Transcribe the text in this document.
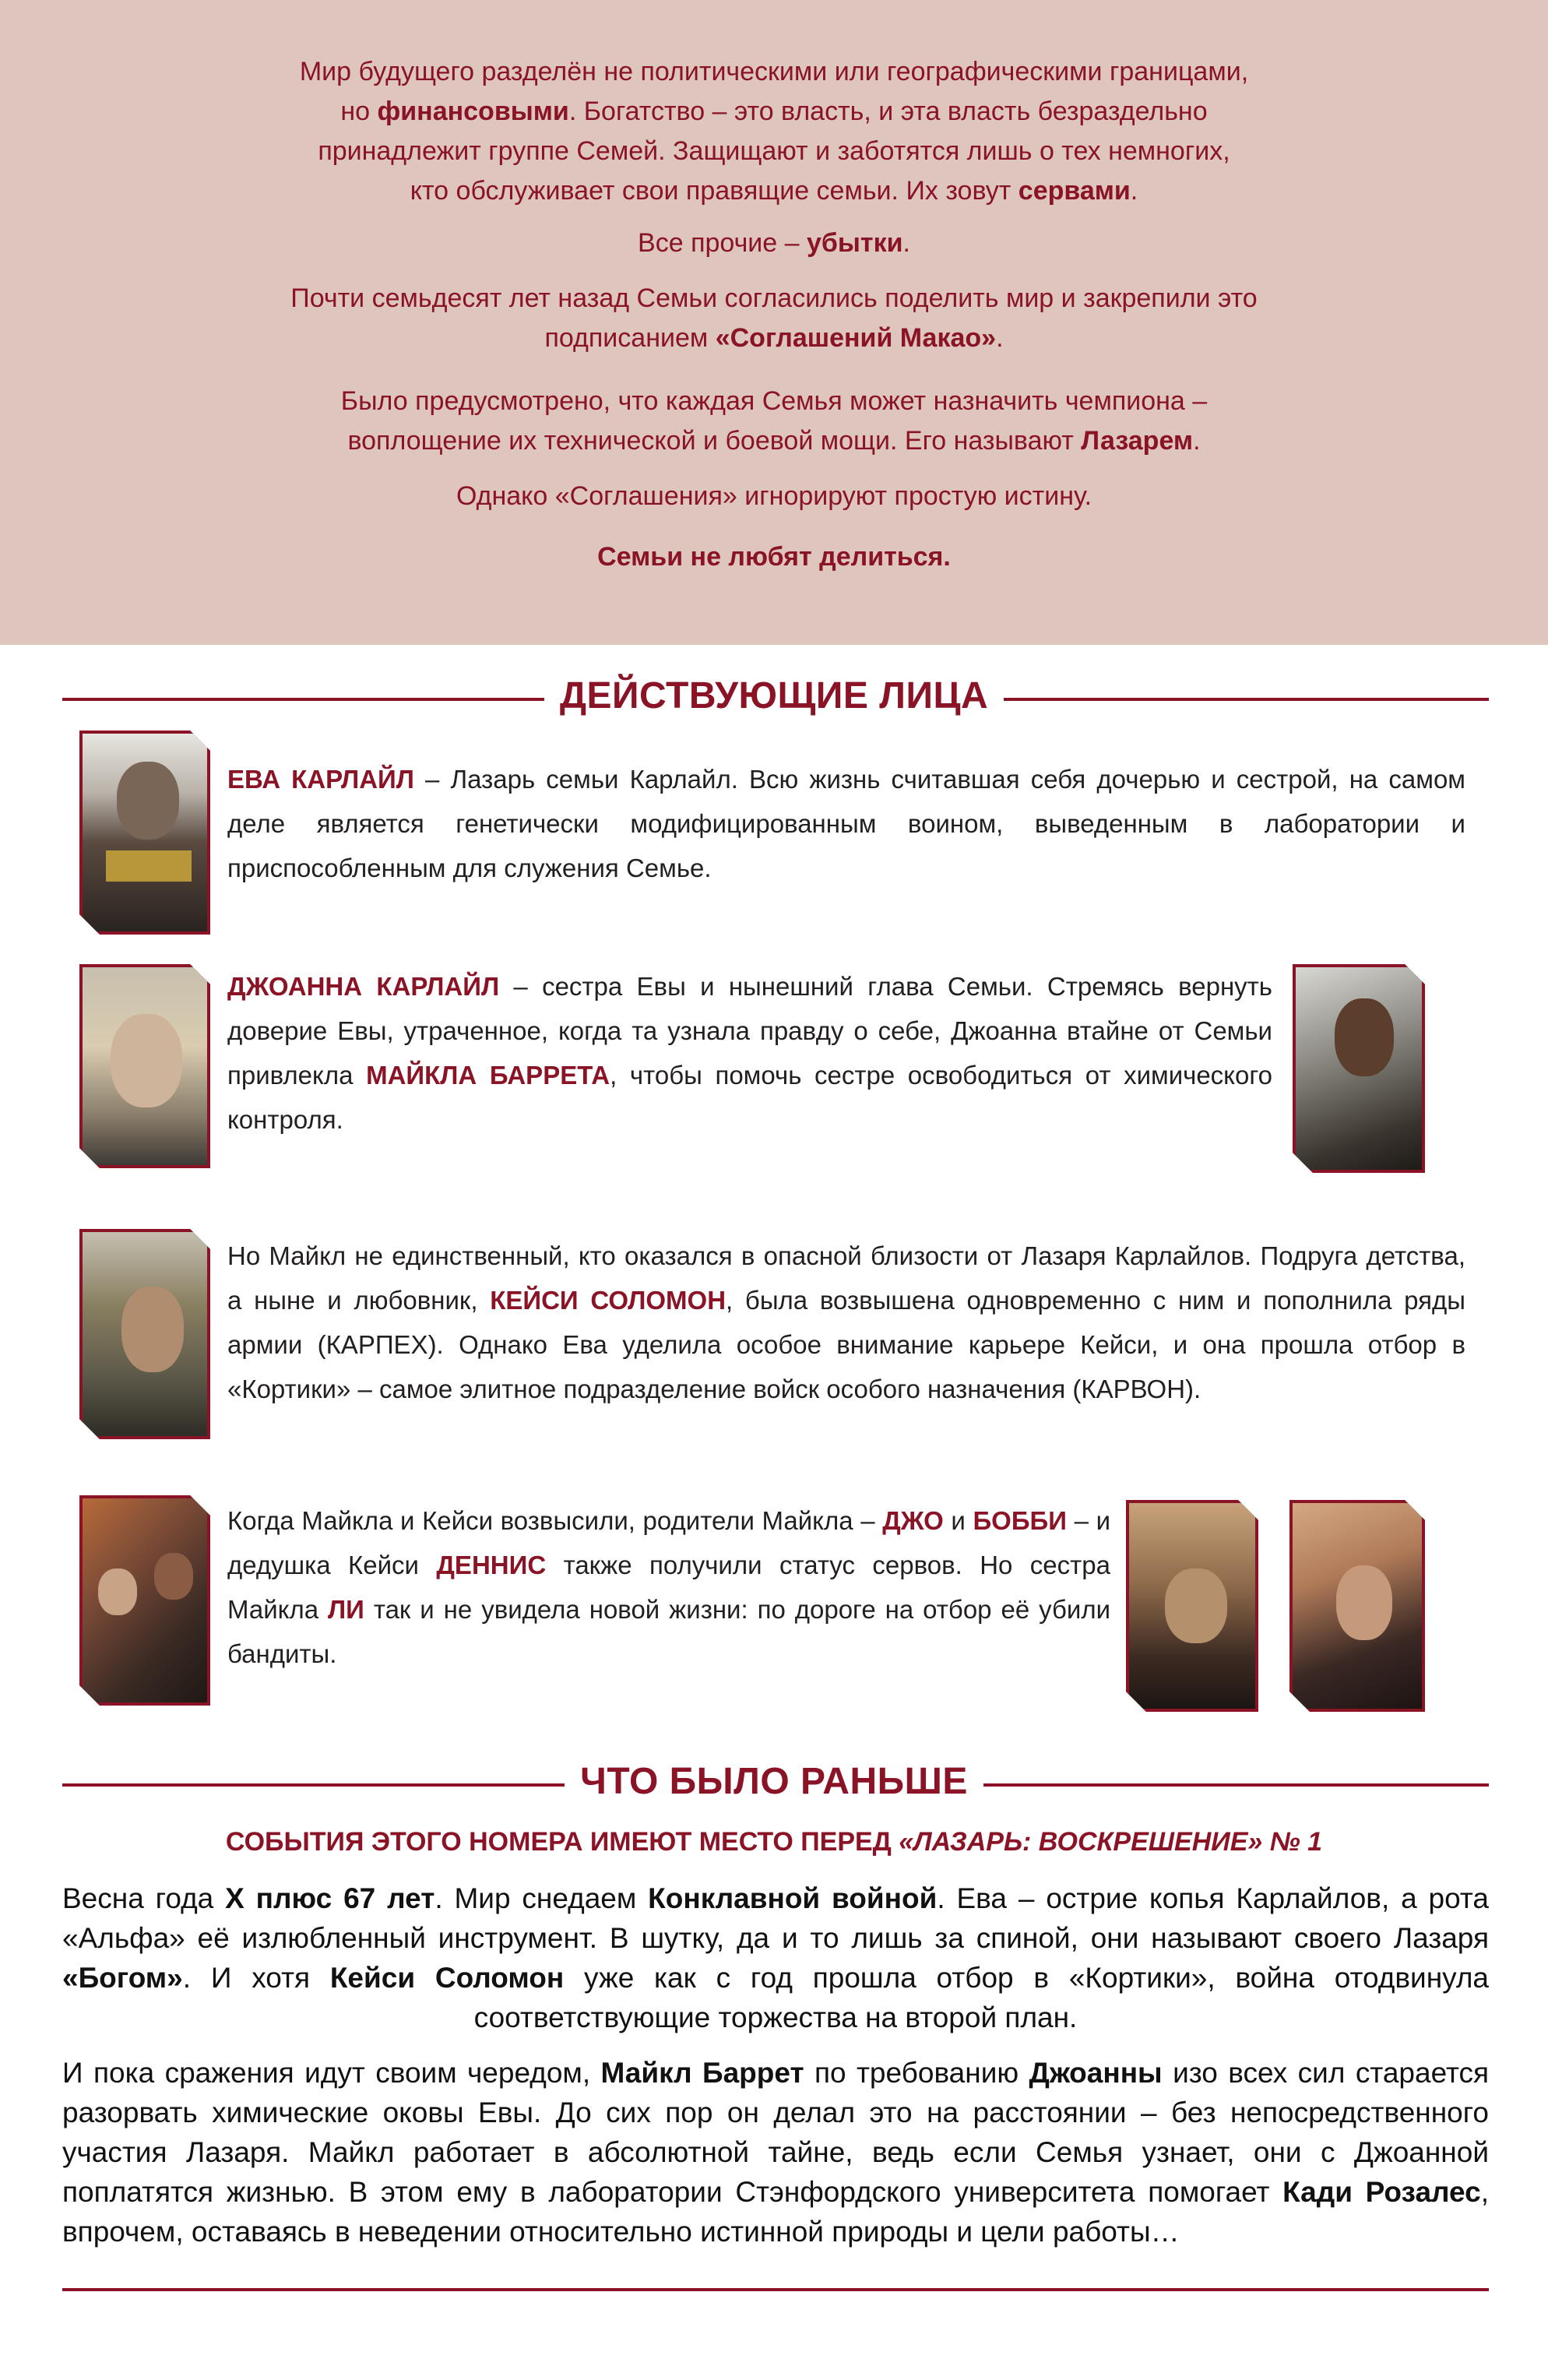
Мир будущего разделён не политическими или географическими границами,

но финансовыми. Богатство – это власть, и эта власть безраздельно

принадлежит группе Семей. Защищают и заботятся лишь о тех немногих,

кто обслуживает свои правящие семьи. Их зовут сервами.

Все прочие – убытки.

Почти семьдесят лет назад Семьи согласились поделить мир и закрепили это

подписанием «Соглашений Макао».

Было предусмотрено, что каждая Семья может назначить чемпиона –

воплощение их технической и боевой мощи. Его называют Лазарем.

Однако «Соглашения» игнорируют простую истину.

Семьи не любят делиться.

ДЕЙСТВУЮЩИЕ ЛИЦА
ЕВА КАРЛАЙЛ – Лазарь семьи Карлайл. Всю жизнь считавшая себя дочерью и сестрой, на самом деле является генетически модифицированным воином, выведенным в лаборатории и приспособленным для служения Семье.
ДЖОАННА КАРЛАЙЛ – сестра Евы и нынешний глава Семьи. Стремясь вернуть доверие Евы, утраченное, когда та узнала правду о себе, Джоанна втайне от Семьи привлекла МАЙКЛА БАРРЕТА, чтобы помочь сестре освободиться от химического контроля.
Но Майкл не единственный, кто оказался в опасной близости от Лазаря Карлайлов. Подруга детства, а ныне и любовник, КЕЙСИ СОЛОМОН, была возвышена одновременно с ним и пополнила ряды армии (КАРПЕХ). Однако Ева уделила особое внимание карьере Кейси, и она прошла отбор в «Кортики» – самое элитное подразделение войск особого назначения (КАРВОН).
Когда Майкла и Кейси возвысили, родители Майкла – ДЖО и БОББИ – и дедушка Кейси ДЕННИС также получили статус сервов. Но сестра Майкла ЛИ так и не увидела новой жизни: по дороге на отбор её убили бандиты.
ЧТО БЫЛО РАНЬШЕ
СОБЫТИЯ ЭТОГО НОМЕРА ИМЕЮТ МЕСТО ПЕРЕД «ЛАЗАРЬ: ВОСКРЕШЕНИЕ» № 1
Весна года Х плюс 67 лет. Мир снедаем Конклавной войной. Ева – острие копья Карлайлов, а рота «Альфа» её излюбленный инструмент. В шутку, да и то лишь за спиной, они называют своего Лазаря «Богом». И хотя Кейси Соломон уже как с год прошла отбор в «Кортики», война отодвинула соответствующие торжества на второй план.
И пока сражения идут своим чередом, Майкл Баррет по требованию Джоанны изо всех сил старается разорвать химические оковы Евы. До сих пор он делал это на расстоянии – без непосредственного участия Лазаря. Майкл работает в абсолютной тайне, ведь если Семья узнает, они с Джоанной поплатятся жизнью. В этом ему в лаборатории Стэнфордского университета помогает Кади Розалес, впрочем, оставаясь в неведении относительно истинной природы и цели работы…
